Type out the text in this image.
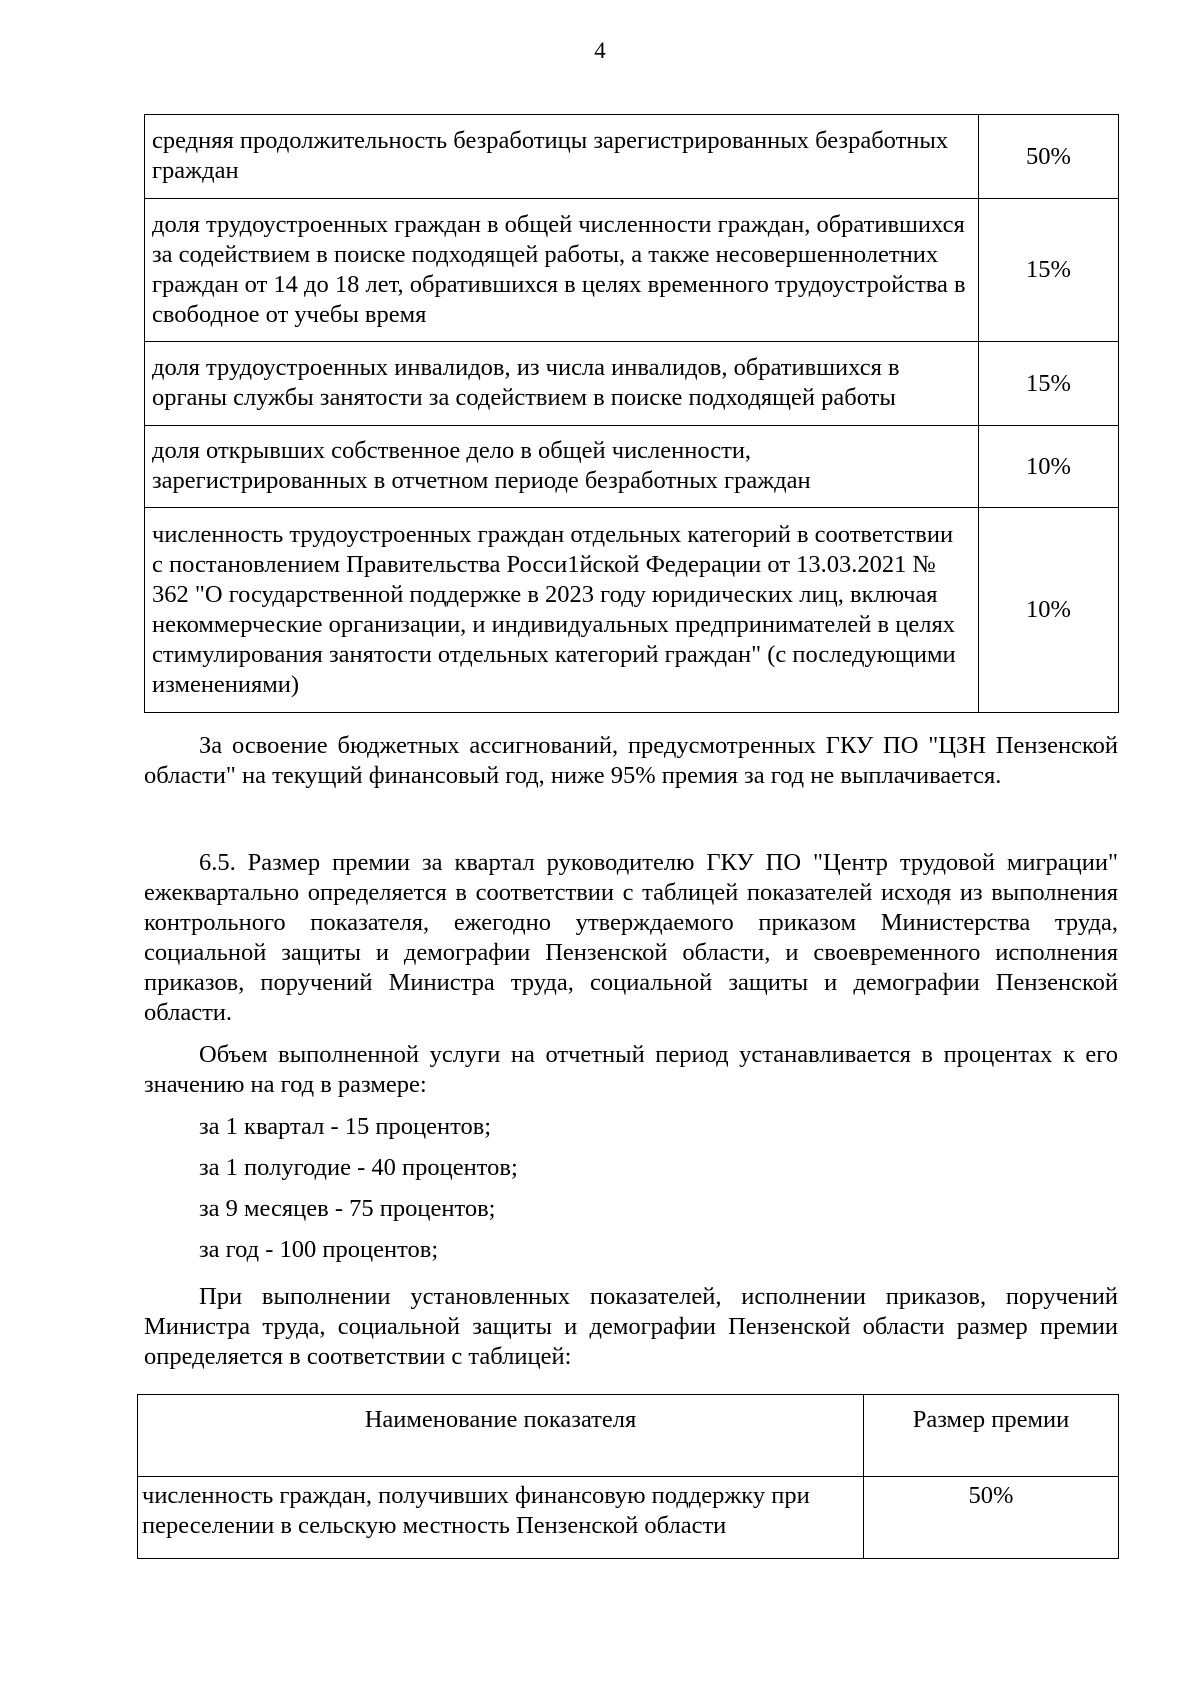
4
средняя продолжительность безработицы зарегистрированных безработных граждан	50%
доля трудоустроенных граждан в общей численности граждан, обратившихся за содействием в поиске подходящей работы, а также несовершеннолетних граждан от 14 до 18 лет, обратившихся в целях временного трудоустройства в свободное от учебы время	15%
доля трудоустроенных инвалидов, из числа инвалидов, обратившихся в органы службы занятости за содействием в поиске подходящей работы	15%
доля открывших собственное дело в общей численности, зарегистрированных в отчетном периоде безработных граждан	10%
численность трудоустроенных граждан отдельных категорий в соответствии с постановлением Правительства Росси1йской Федерации от 13.03.2021 № 362 "О государственной поддержке в 2023 году юридических лиц, включая некоммерческие организации, и индивидуальных предпринимателей в целях стимулирования занятости отдельных категорий граждан" (с последующими изменениями)	10%

За освоение бюджетных ассигнований, предусмотренных ГКУ ПО "ЦЗН Пензенской области" на текущий финансовый год, ниже 95% премия за год не выплачивается.

6.5. Размер премии за квартал руководителю ГКУ ПО "Центр трудовой миграции" ежеквартально определяется в соответствии с таблицей показателей исходя из выполнения контрольного показателя, ежегодно утверждаемого приказом Министерства труда, социальной защиты и демографии Пензенской области, и своевременного исполнения приказов, поручений Министра труда, социальной защиты и демографии Пензенской области.

Объем выполненной услуги на отчетный период устанавливается в процентах к его значению на год в размере:

за 1 квартал - 15 процентов;

за 1 полугодие - 40 процентов;

за 9 месяцев - 75 процентов;

за год - 100 процентов;

При выполнении установленных показателей, исполнении приказов, поручений Министра труда, социальной защиты и демографии Пензенской области размер премии определяется в соответствии с таблицей:

Наименование показателя	Размер премии
численность граждан, получивших финансовую поддержку при переселении в сельскую местность Пензенской области	50%
